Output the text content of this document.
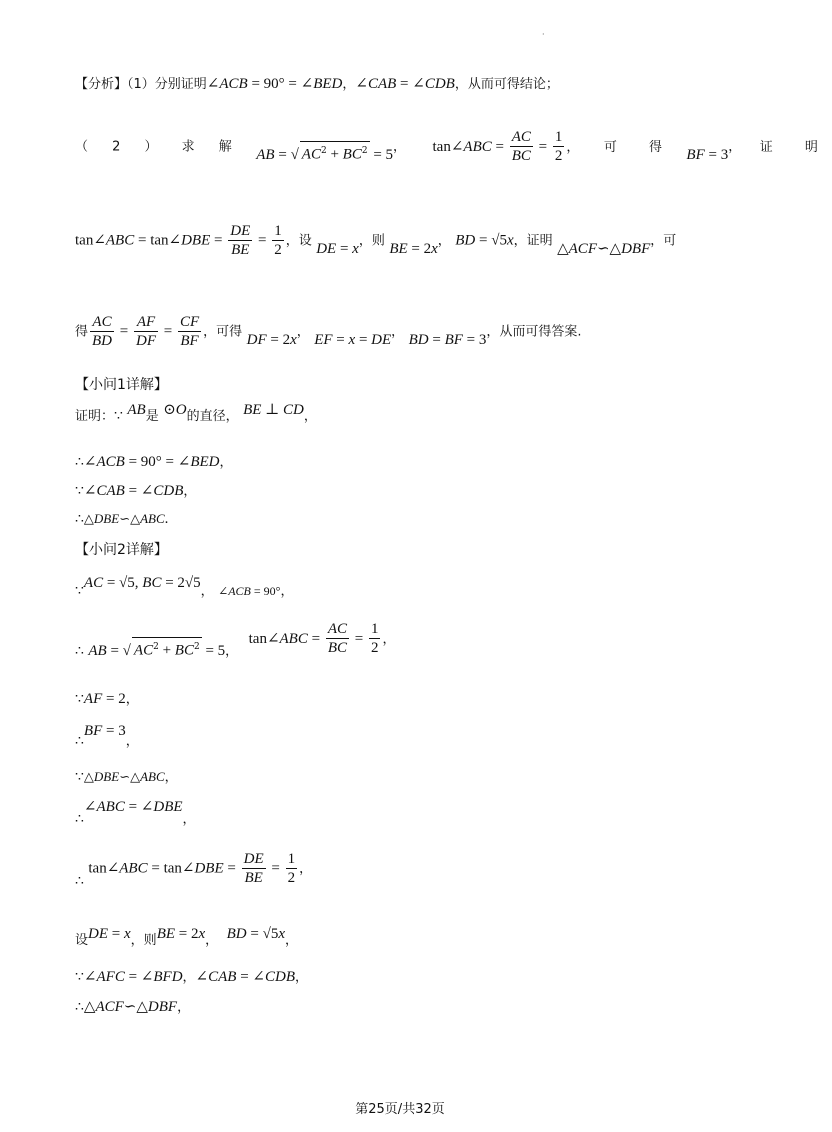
·
【分析】（1）分别证明∠ACB = 90° = ∠BED，∠CAB = ∠CDB，从而可得结论；
（ 2 ） 求 解 AB = √ $AC^2 + BC^2 = 5$， tan∠ABC = $\frac{AC}{BC} = \frac{1}{2}$ ， 可 得 BF = 3， 证 明
tan∠ABC = tan∠DBE = $\frac{DE}{BE} = \frac{1}{2}$ ，设 DE = x，则 BE = 2x， BD = √5x，证明 △ACF∽△DBF，可
得 $\frac{AC}{BD} = \frac{AF}{DF} = \frac{CF}{BF}$ ，可得 DF = 2x， EF = x = DE， BD = BF = 3，从而可得答案.
【小问1详解】
证明：∵ AB是 ⊙O的直径， BE ⊥ CD，
∴∠ACB = 90° = ∠BED，
∵∠CAB = ∠CDB，
∴△DBE∽△ABC.
【小问2详解】
∵AC = √5, BC = 2√5， ∠ACB = 90°，
∴ AB = √ $AC^2 + BC^2 = 5$， tan∠ABC = $\frac{AC}{BC} = \frac{1}{2}$ ，
∵AF = 2，
∴BF = 3，
∵△DBE∽△ABC，
∴∠ABC = ∠DBE，
∴ tan∠ABC = tan∠DBE = $\frac{DE}{BE} = \frac{1}{2}$ ，
设DE = x，则BE = 2x， BD = √5x，
∵∠AFC = ∠BFD，∠CAB = ∠CDB，
∴△ACF∽△DBF，
第25页/共32页
